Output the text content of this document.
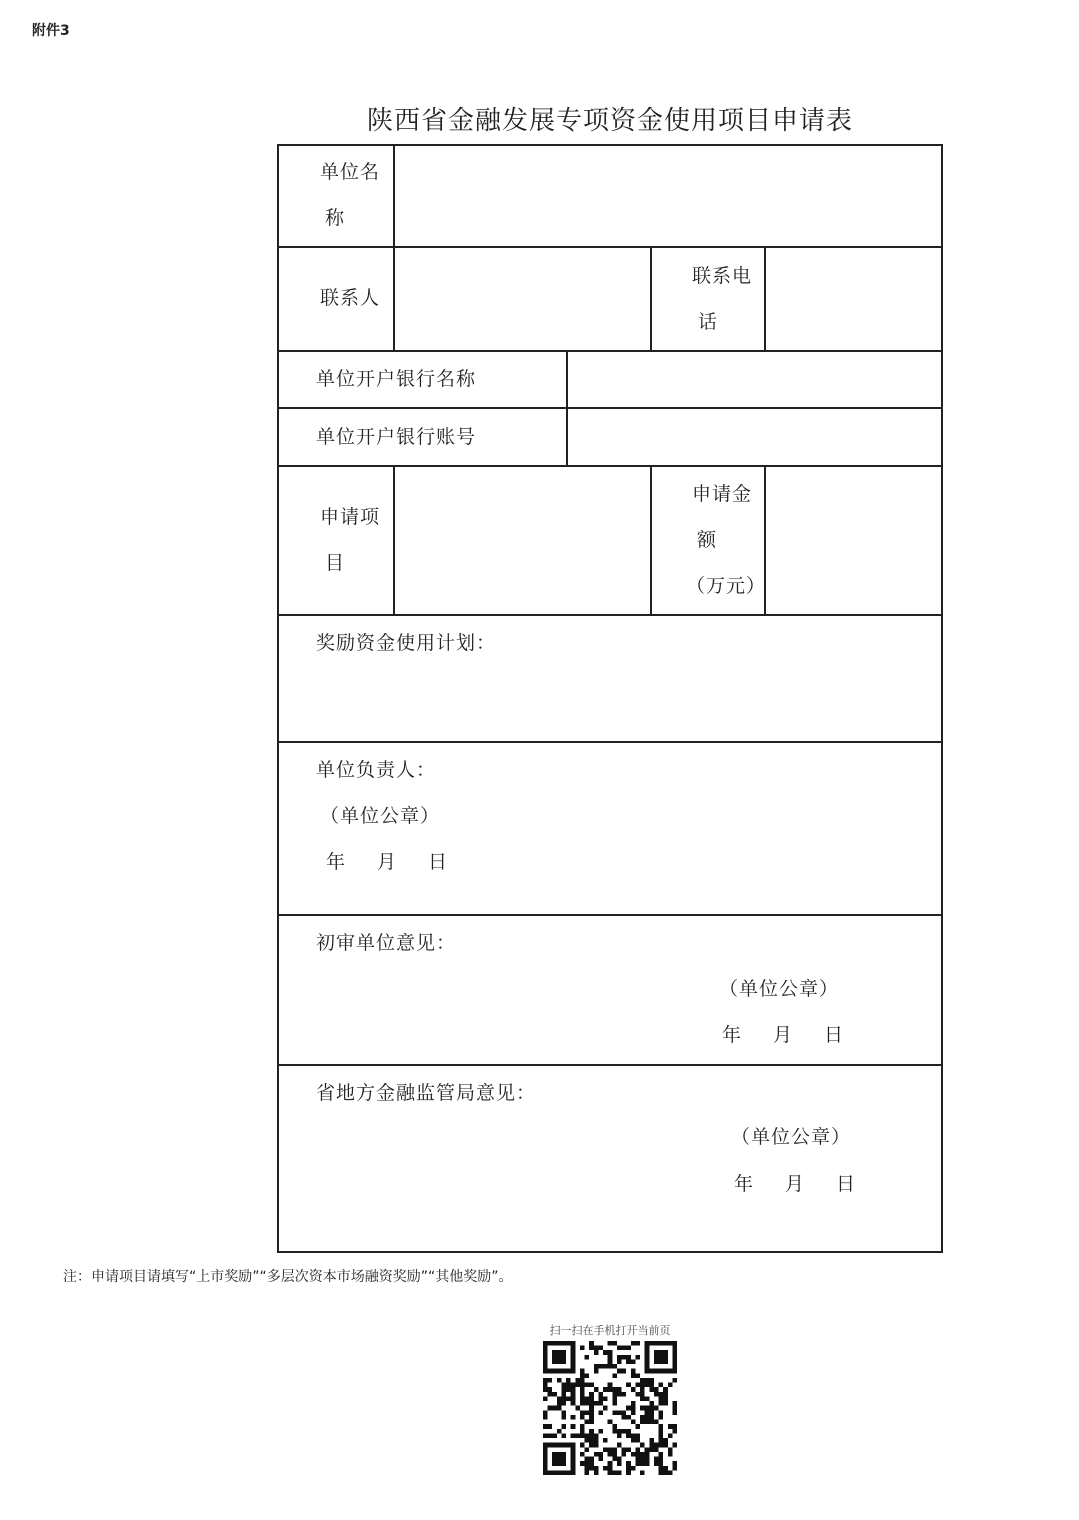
附件3
陕西省金融发展专项资金使用项目申请表
单位名
称
联系人
联系电
话
单位开户银行名称
单位开户银行账号
申请项
目
申请金
额
（万元）
奖励资金使用计划：
单位负责人：
（单位公章）
年 月 日
初审单位意见：
（单位公章）
年 月 日
省地方金融监管局意见：
（单位公章）
年 月 日
注：申请项目请填写“上市奖励”“多层次资本市场融资奖励”“其他奖励”。
扫一扫在手机打开当前页
